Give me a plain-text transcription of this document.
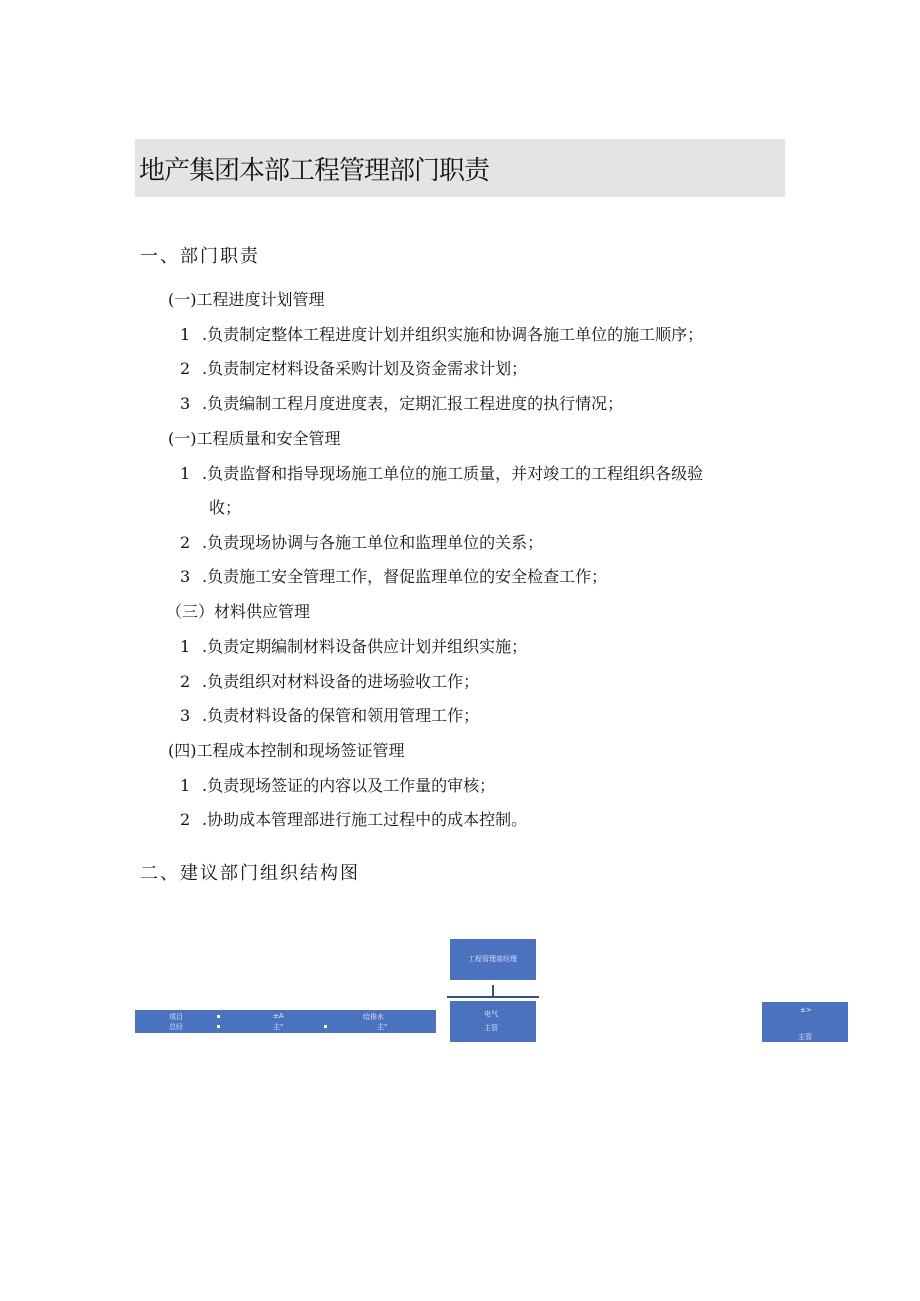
地产集团本部工程管理部门职责
一、部门职责
(一)工程进度计划管理
1 .负责制定整体工程进度计划并组织实施和协调各施工单位的施工顺序；
2 .负责制定材料设备采购计划及资金需求计划；
3 .负责编制工程月度进度表，定期汇报工程进度的执行情况；
(一)工程质量和安全管理
1 .负责监督和指导现场施工单位的施工质量，并对竣工的工程组织各级验
收；
2 .负责现场协调与各施工单位和监理单位的关系；
3 .负责施工安全管理工作，督促监理单位的安全检查工作；
（三）材料供应管理
1 .负责定期编制材料设备供应计划并组织实施；
2 .负责组织对材料设备的进场验收工作；
3 .负责材料设备的保管和领用管理工作；
(四)工程成本控制和现场签证管理
1 .负责现场签证的内容以及工作量的审核；
2 .协助成本管理部进行施工过程中的成本控制。
二、建议部门组织结构图
工程管理部经理
电气
主管
项目	±A	给排水
总经	主"	主"
±>
主管
